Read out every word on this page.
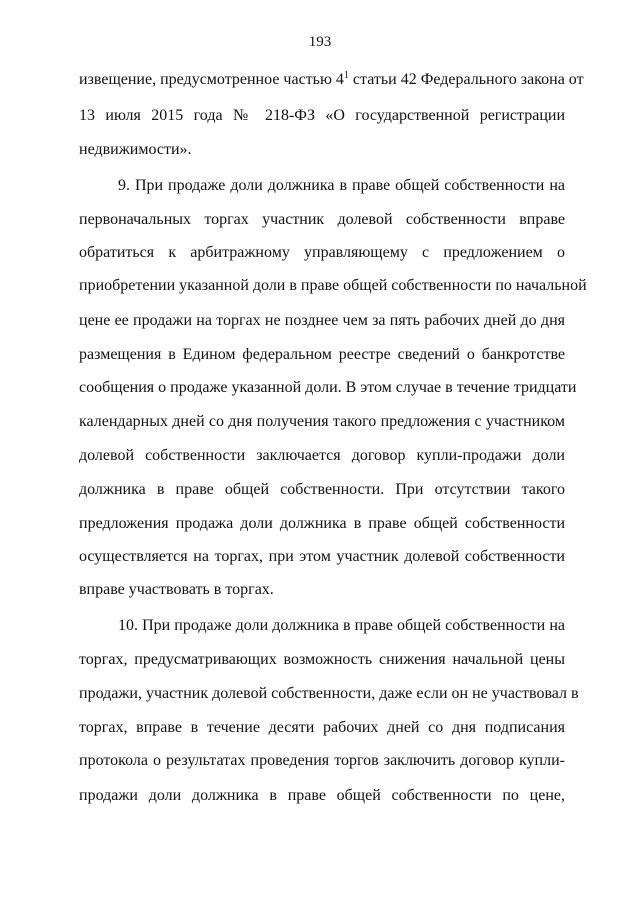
193
извещение, предусмотренное частью $4^1$ статьи 42 Федерального закона от
13 июля 2015 года № 218-ФЗ «О государственной регистрации
недвижимости».
9. При продаже доли должника в праве общей собственности на
первоначальных торгах участник долевой собственности вправе
обратиться к арбитражному управляющему с предложением о
приобретении указанной доли в праве общей собственности по начальной
цене ее продажи на торгах не позднее чем за пять рабочих дней до дня
размещения в Едином федеральном реестре сведений о банкротстве
сообщения о продаже указанной доли. В этом случае в течение тридцати
календарных дней со дня получения такого предложения с участником
долевой собственности заключается договор купли-продажи доли
должника в праве общей собственности. При отсутствии такого
предложения продажа доли должника в праве общей собственности
осуществляется на торгах, при этом участник долевой собственности
вправе участвовать в торгах.
10. При продаже доли должника в праве общей собственности на
торгах, предусматривающих возможность снижения начальной цены
продажи, участник долевой собственности, даже если он не участвовал в
торгах, вправе в течение десяти рабочих дней со дня подписания
протокола о результатах проведения торгов заключить договор купли-
продажи доли должника в праве общей собственности по цене,
